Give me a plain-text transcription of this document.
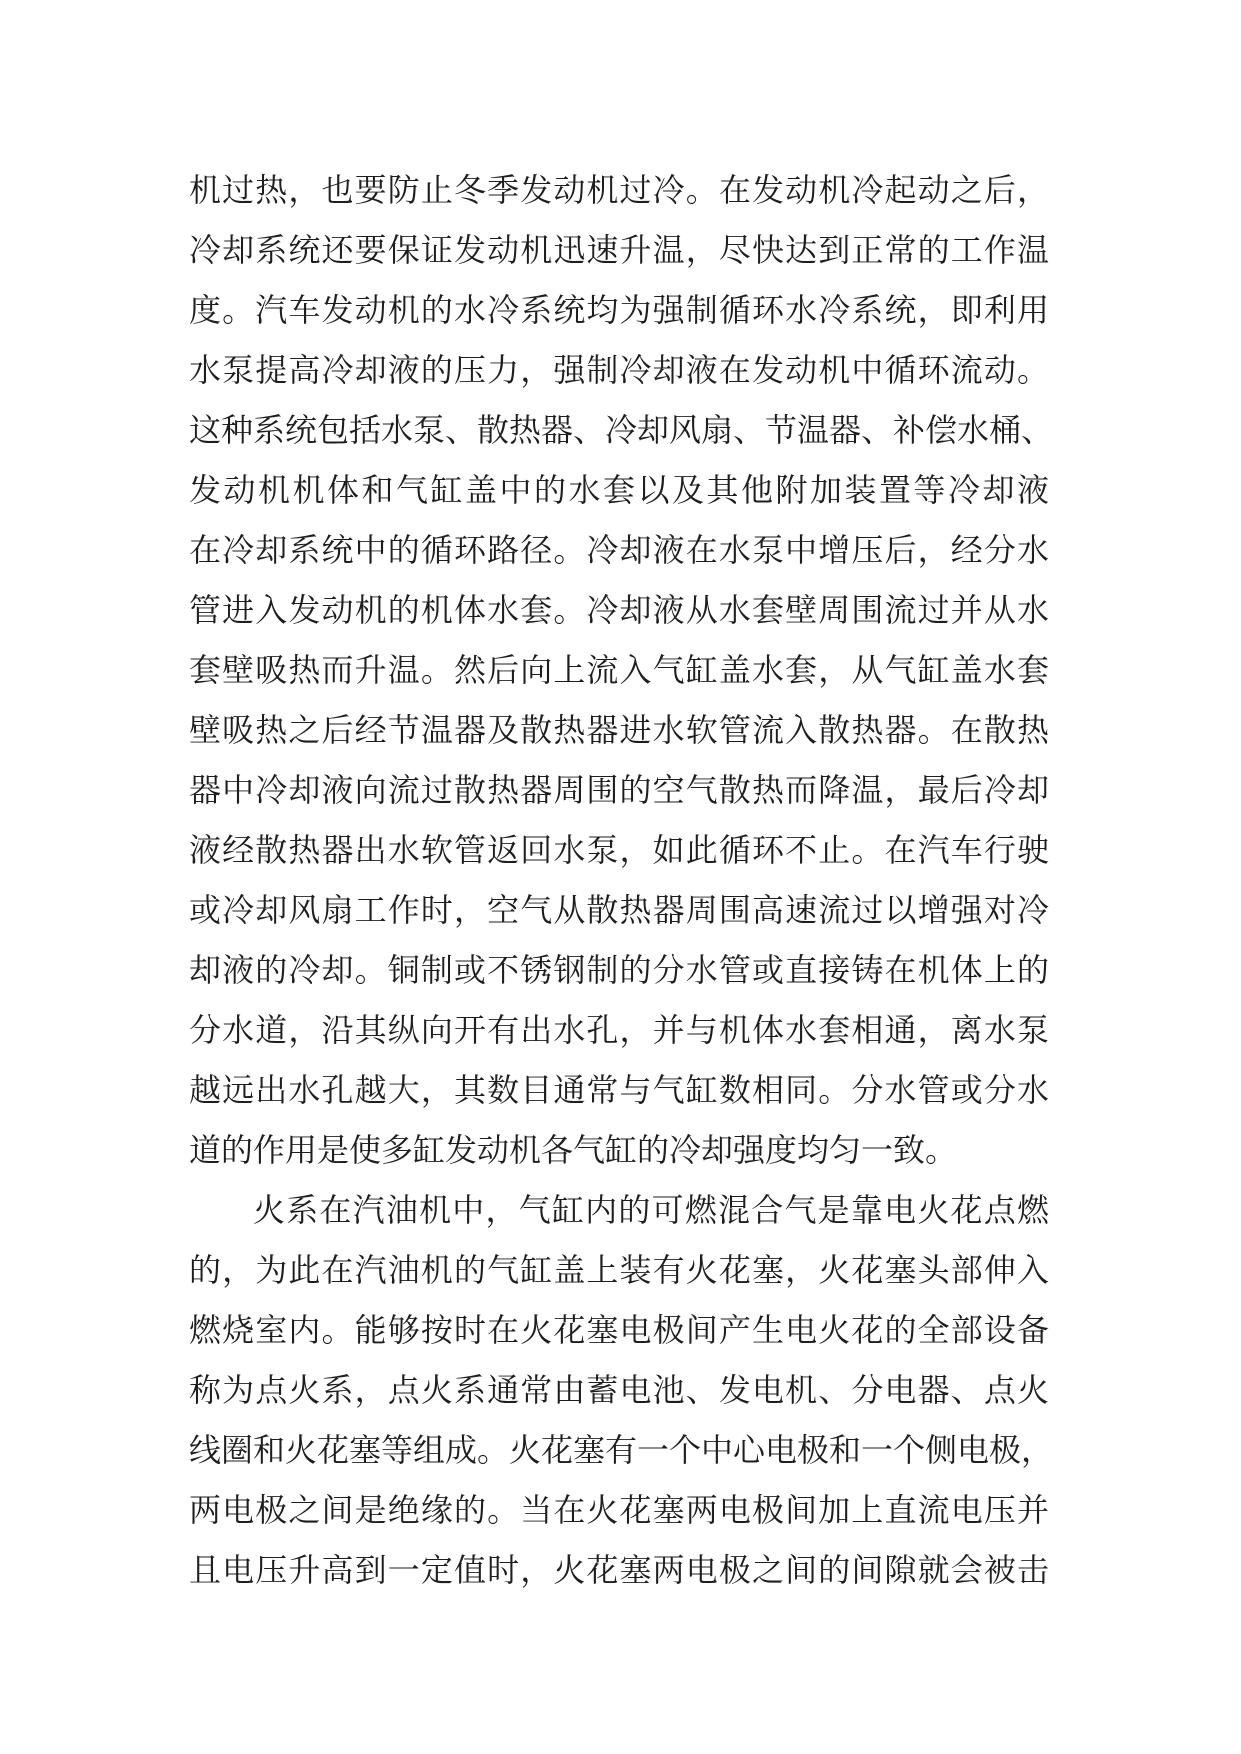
机过热，也要防止冬季发动机过冷。在发动机冷起动之后，
冷却系统还要保证发动机迅速升温，尽快达到正常的工作温
度。汽车发动机的水冷系统均为强制循环水冷系统，即利用
水泵提高冷却液的压力，强制冷却液在发动机中循环流动。
这种系统包括水泵、散热器、冷却风扇、节温器、补偿水桶、
发动机机体和气缸盖中的水套以及其他附加装置等冷却液
在冷却系统中的循环路径。冷却液在水泵中增压后，经分水
管进入发动机的机体水套。冷却液从水套壁周围流过并从水
套壁吸热而升温。然后向上流入气缸盖水套，从气缸盖水套
壁吸热之后经节温器及散热器进水软管流入散热器。在散热
器中冷却液向流过散热器周围的空气散热而降温，最后冷却
液经散热器出水软管返回水泵，如此循环不止。在汽车行驶
或冷却风扇工作时，空气从散热器周围高速流过以增强对冷
却液的冷却。铜制或不锈钢制的分水管或直接铸在机体上的
分水道，沿其纵向开有出水孔，并与机体水套相通，离水泵
越远出水孔越大，其数目通常与气缸数相同。分水管或分水
道的作用是使多缸发动机各气缸的冷却强度均匀一致。
火系在汽油机中，气缸内的可燃混合气是靠电火花点燃
的，为此在汽油机的气缸盖上装有火花塞，火花塞头部伸入
燃烧室内。能够按时在火花塞电极间产生电火花的全部设备
称为点火系，点火系通常由蓄电池、发电机、分电器、点火
线圈和火花塞等组成。火花塞有一个中心电极和一个侧电极，
两电极之间是绝缘的。当在火花塞两电极间加上直流电压并
且电压升高到一定值时，火花塞两电极之间的间隙就会被击
